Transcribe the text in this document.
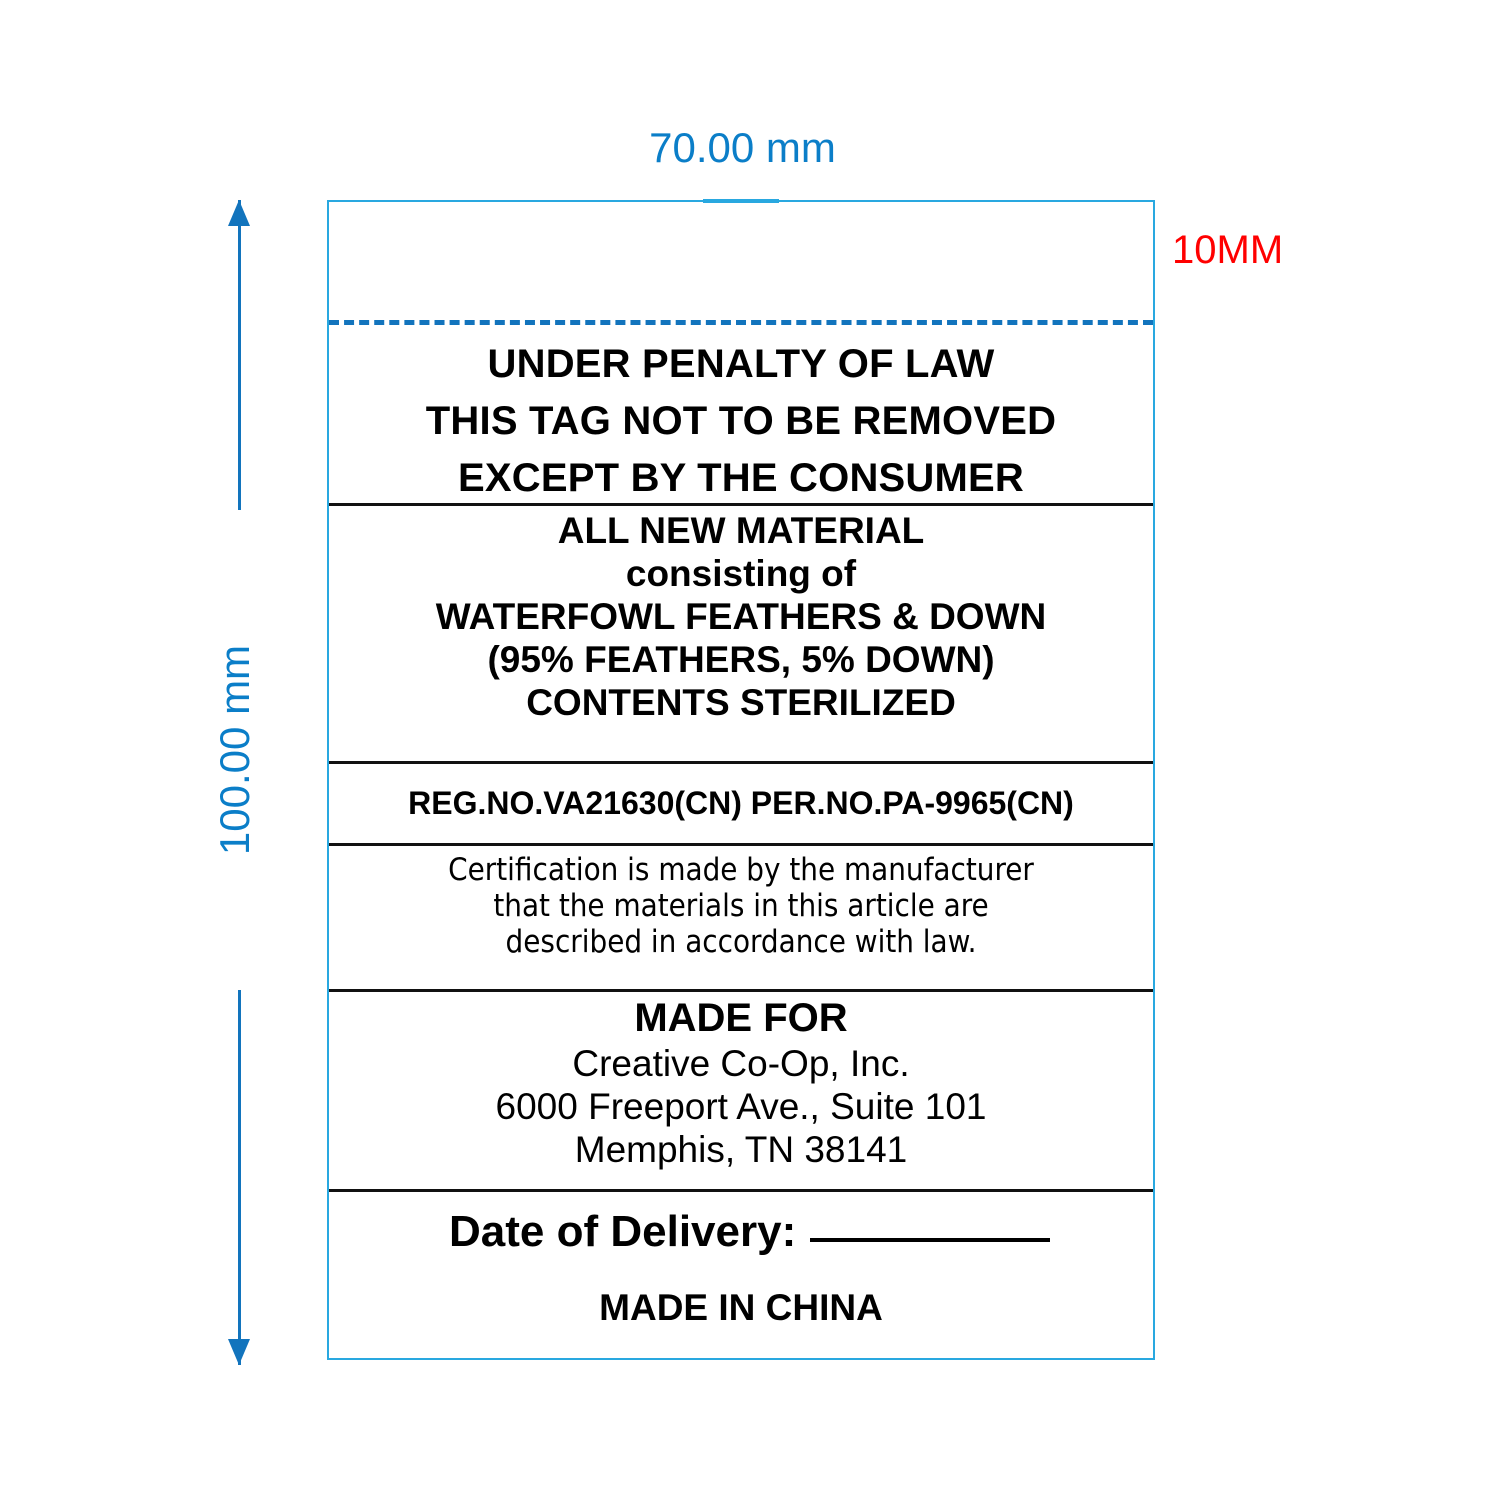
70.00 mm
100.00 mm
10MM
UNDER PENALTY OF LAW
THIS TAG NOT TO BE REMOVED
EXCEPT BY THE CONSUMER
ALL NEW MATERIAL
consisting of
WATERFOWL FEATHERS & DOWN
(95% FEATHERS, 5% DOWN)
CONTENTS STERILIZED
REG.NO.VA21630(CN) PER.NO.PA-9965(CN)
Certification is made by the manufacturer
that the materials in this article are
described in accordance with law.
MADE FOR
Creative Co-Op, Inc.
6000 Freeport Ave., Suite 101
Memphis, TN 38141
Date of Delivery:
MADE IN CHINA
